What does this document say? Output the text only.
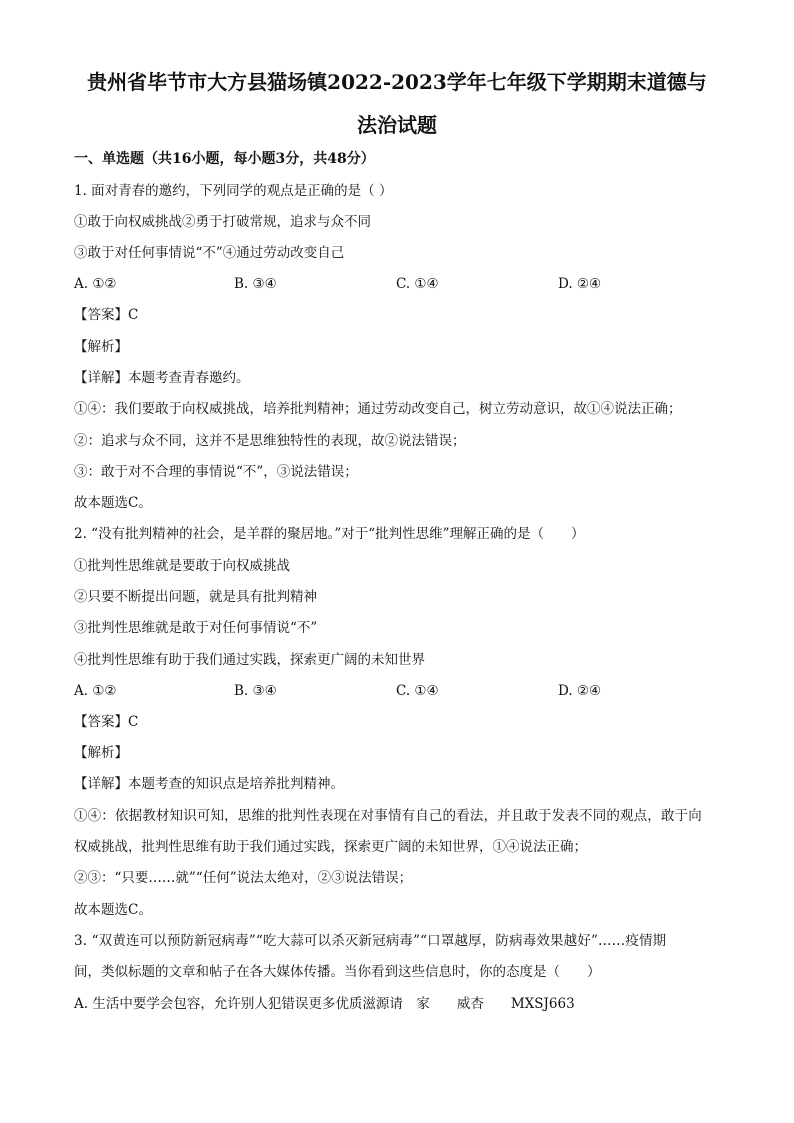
贵州省毕节市大方县猫场镇2022-2023学年七年级下学期期末道德与
法治试题
一、单选题（共16小题，每小题3分，共48分）
1. 面对青春的邀约，下列同学的观点是正确的是（ ）
①敢于向权威挑战②勇于打破常规，追求与众不同
③敢于对任何事情说“不”④通过劳动改变自己
A. ①②	B. ③④	C. ①④	D. ②④
【答案】C
【解析】
【详解】本题考查青春邀约。
①④：我们要敢于向权威挑战，培养批判精神；通过劳动改变自己，树立劳动意识，故①④说法正确；
②：追求与众不同，这并不是思维独特性的表现，故②说法错误；
③：敢于对不合理的事情说“不”，③说法错误；
故本题选C。
2. “没有批判精神的社会，是羊群的聚居地。”对于“批判性思维”理解正确的是（　　）
①批判性思维就是要敢于向权威挑战
②只要不断提出问题，就是具有批判精神
③批判性思维就是敢于对任何事情说“不”
④批判性思维有助于我们通过实践，探索更广阔的未知世界
A. ①②	B. ③④	C. ①④	D. ②④
【答案】C
【解析】
【详解】本题考查的知识点是培养批判精神。
①④：依据教材知识可知，思维的批判性表现在对事情有自己的看法，并且敢于发表不同的观点，敢于向
权威挑战，批判性思维有助于我们通过实践，探索更广阔的未知世界，①④说法正确；
②③：“只要……就”“任何”说法太绝对，②③说法错误；
故本题选C。
3. “双黄连可以预防新冠病毒”“吃大蒜可以杀灭新冠病毒”“口罩越厚，防病毒效果越好”……疫情期
间，类似标题的文章和帖子在各大媒体传播。当你看到这些信息时，你的态度是（　　）
A. 生活中要学会包容，允许别人犯错误更多优质滋源请　家　　威杏　　MXSJ663
